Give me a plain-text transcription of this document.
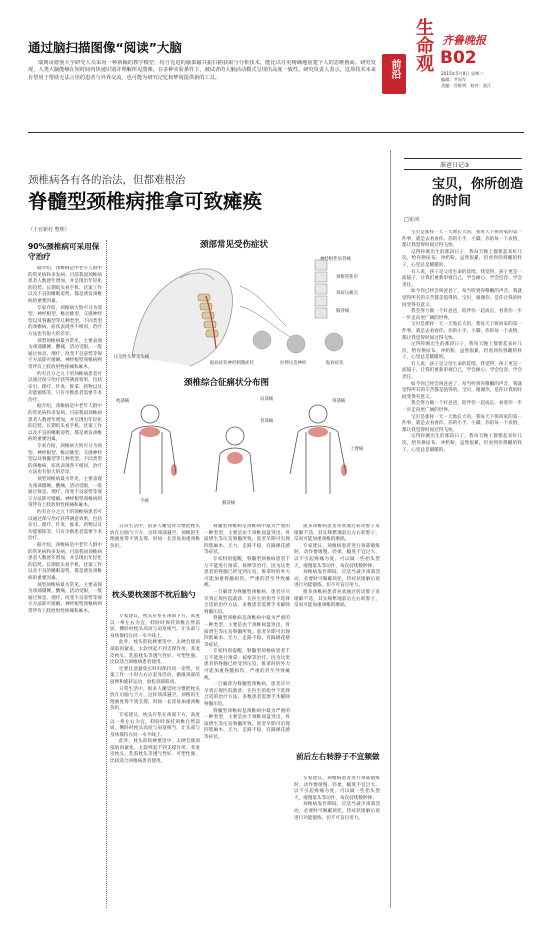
通过脑扫描图像“阅读”大脑
瑞典哥德堡大学研究人员采用一种新颖的教学模型，结合先进的脑部磁共振扫描获取与分析技术，能比以往更精确地重建个人的思维画面。研究发现，人类大脑能够在短时间内快速识别并理解所见图像，在多种实验条件下，被试者的大脑活动模式呈现出高度一致性。研究负责人表示，这项技术未来有望用于帮助无法言语的患者与外界交流，也可能为研究记忆和梦境提供新的工具。	前沿 生命观 齐鲁晚报
B02
2015年5月8日 星期二
编辑：尹同军
美编：宫维明　校对：聂江
颈椎病各有各的治法，但都难根治
脊髓型颈椎病推拿可致瘫痪
（上官新村 整理）
90%颈椎病可采用保守治疗

据介绍，颈椎病是中老年人群中的常见病和多发病。目前我国颈椎病患者人数逐年增加，并呈现出年轻化的趋势。长期低头看手机、伏案工作以及不良的睡眠姿势，都是诱发颈椎病的重要因素。

专家介绍，颈椎病大致可分为颈型、神经根型、椎动脉型、交感神经型以及脊髓型等几种类型。不同类型的颈椎病，症状表现各不相同，治疗方法也有很大的差异。

颈型颈椎病最为常见，主要表现为颈部僵硬、酸痛，活动受限，一般通过休息、理疗、改变不良姿势等保守方法即可缓解。神经根型颈椎病则常伴有上肢放射性疼痛和麻木。

约有百分之九十的颈椎病患者可以通过保守治疗获得满意效果，包括牵引、理疗、针灸、推拿、药物以及功能锻炼等，只有少数患者需要手术治疗。

据介绍，颈椎病是中老年人群中的常见病和多发病。目前我国颈椎病患者人数逐年增加，并呈现出年轻化的趋势。长期低头看手机、伏案工作以及不良的睡眠姿势，都是诱发颈椎病的重要因素。

专家介绍，颈椎病大致可分为颈型、神经根型、椎动脉型、交感神经型以及脊髓型等几种类型。不同类型的颈椎病，症状表现各不相同，治疗方法也有很大的差异。

颈型颈椎病最为常见，主要表现为颈部僵硬、酸痛，活动受限，一般通过休息、理疗、改变不良姿势等保守方法即可缓解。神经根型颈椎病则常伴有上肢放射性疼痛和麻木。

约有百分之九十的颈椎病患者可以通过保守治疗获得满意效果，包括牵引、理疗、针灸、推拿、药物以及功能锻炼等，只有少数患者需要手术治疗。

据介绍，颈椎病是中老年人群中的常见病和多发病。目前我国颈椎病患者人数逐年增加，并呈现出年轻化的趋势。长期低头看手机、伏案工作以及不良的睡眠姿势，都是诱发颈椎病的重要因素。

颈型颈椎病最为常见，主要表现为颈部僵硬、酸痛，活动受限，一般通过休息、理疗、改变不良姿势等保守方法即可缓解。神经根型颈椎病则常伴有上肢放射性疼痛和麻木。

颈部常见受伤症状
神经根性肩背痛
颈椎管狭窄
颈肩压痛点
胸背痛
压迫性头晕及头痛
振肩症状神经刺激症状	拉伸压迫神经	振肩症状
颈椎综合征痛状分布图
枕部痛	肩部痛	颈部痛
背部痛
上臂痛
胸前痛
手痛

日常生活中，很多人睡觉时习惯把枕头放在后脑勺下方，这样颈部悬空，颈椎的生理曲度得不到支撑，时间一长容易加重颈椎负担。

枕头要枕颈部不枕后脑勺

专家建议，枕头应垫在颈部下方，高度以一拳左右为宜，仰卧时保持颈椎自然前屈，侧卧时枕头高度与肩宽相当，让头部与身体保持在同一水平线上。

此外，枕头的软硬要适中，太硬会使颈部肌肉紧张，太软则起不到支撑作用。荞麦皮枕头、乳胶枕头等透气性好、可塑性强，比较适合颈椎病患者使用。

还要注意避免长时间保持同一姿势，伏案工作一小时左右应起身活动，做做颈部的屈伸和旋转运动，放松颈部肌肉。

日常生活中，很多人睡觉时习惯把枕头放在后脑勺下方，这样颈部悬空，颈椎的生理曲度得不到支撑，时间一长容易加重颈椎负担。

专家建议，枕头应垫在颈部下方，高度以一拳左右为宜，仰卧时保持颈椎自然前屈，侧卧时枕头高度与肩宽相当，让头部与身体保持在同一水平线上。

此外，枕头的软硬要适中，太硬会使颈部肌肉紧张，太软则起不到支撑作用。荞麦皮枕头、乳胶枕头等透气性好、可塑性强，比较适合颈椎病患者使用。

脊髓型颈椎病是颈椎病中最为严重的一种类型，主要是由于颈椎间盘突出、骨质增生等压迫脊髓所致。患者早期可出现四肢麻木、无力、走路不稳、有踩棉花感等症状。

专家特别提醒，脊髓型颈椎病患者千万不能进行推拿、按摩等治疗。因为这类患者的脊髓已经受到压迫，推拿时的外力可能加重脊髓损伤，严重的甚至导致瘫痪。

一旦确诊为脊髓型颈椎病，患者应尽早到正规医院就诊，在医生的指导下选择合适的治疗方法，多数患者需要手术解除脊髓压迫。

脊髓型颈椎病是颈椎病中最为严重的一种类型，主要是由于颈椎间盘突出、骨质增生等压迫脊髓所致。患者早期可出现四肢麻木、无力、走路不稳、有踩棉花感等症状。

专家特别提醒，脊髓型颈椎病患者千万不能进行推拿、按摩等治疗。因为这类患者的脊髓已经受到压迫，推拿时的外力可能加重脊髓损伤，严重的甚至导致瘫痪。

一旦确诊为脊髓型颈椎病，患者应尽早到正规医院就诊，在医生的指导下选择合适的治疗方法，多数患者需要手术解除脊髓压迫。

脊髓型颈椎病是颈椎病中最为严重的一种类型，主要是由于颈椎间盘突出、骨质增生等压迫脊髓所致。患者早期可出现四肢麻木、无力、走路不稳、有踩棉花感等症状。

很多颈椎病患者喜欢通过转动脖子来缓解不适，其实频繁地前后左右转脖子，反而可能加重颈椎的磨损。

专家建议，颈椎病患者进行颈部锻炼时，动作要缓慢、轻柔，幅度不宜过大，以不引起疼痛为度。可以做一些抬头望天、缓慢低头等动作，每次持续数秒钟。

颈椎病发作期间，应适当减少颈部活动，必要时可佩戴颈托，待症状缓解后再进行功能锻炼，切不可盲目用力。

很多颈椎病患者喜欢通过转动脖子来缓解不适，其实频繁地前后左右转脖子，反而可能加重颈椎的磨损。

前后左右转脖子不宜频做

专家建议，颈椎病患者进行颈部锻炼时，动作要缓慢、轻柔，幅度不宜过大，以不引起疼痛为度。可以做一些抬头望天、缓慢低头等动作，每次持续数秒钟。

颈椎病发作期间，应适当减少颈部活动，必要时可佩戴颈托，待症状缓解后再进行功能锻炼，切不可盲目用力。

准爸日记③
宝贝，你所创造的时间
□崔泱

宝贝是那样一天一天地长大的，我每天下班回家的第一件事，就是去看看你。你的小手、小脚，你的每一个表情，都让我觉得时间过得飞快。

记得你刚出生的那段日子，我每天晚上都要起来好几次，给你换尿布、冲奶粉。虽然很累，但看到你熟睡的样子，心里总是暖暖的。

有人说，孩子是父母生命的延续。我觉得，孩子更是一面镜子，让我们重新审视自己，学会耐心、学会包容、学会责任。

如今你已经会叫爸爸了，每当听到你稚嫩的声音，我就觉得所有的辛苦都是值得的。宝贝，谢谢你，是你让我的时间变得有意义。

我会努力做一个好爸爸，陪伴你一起成长，看着你一步一步走向更广阔的世界。

宝贝是那样一天一天地长大的，我每天下班回家的第一件事，就是去看看你。你的小手、小脚，你的每一个表情，都让我觉得时间过得飞快。

记得你刚出生的那段日子，我每天晚上都要起来好几次，给你换尿布、冲奶粉。虽然很累，但看到你熟睡的样子，心里总是暖暖的。

有人说，孩子是父母生命的延续。我觉得，孩子更是一面镜子，让我们重新审视自己，学会耐心、学会包容、学会责任。

如今你已经会叫爸爸了，每当听到你稚嫩的声音，我就觉得所有的辛苦都是值得的。宝贝，谢谢你，是你让我的时间变得有意义。

我会努力做一个好爸爸，陪伴你一起成长，看着你一步一步走向更广阔的世界。

宝贝是那样一天一天地长大的，我每天下班回家的第一件事，就是去看看你。你的小手、小脚，你的每一个表情，都让我觉得时间过得飞快。

记得你刚出生的那段日子，我每天晚上都要起来好几次，给你换尿布、冲奶粉。虽然很累，但看到你熟睡的样子，心里总是暖暖的。
